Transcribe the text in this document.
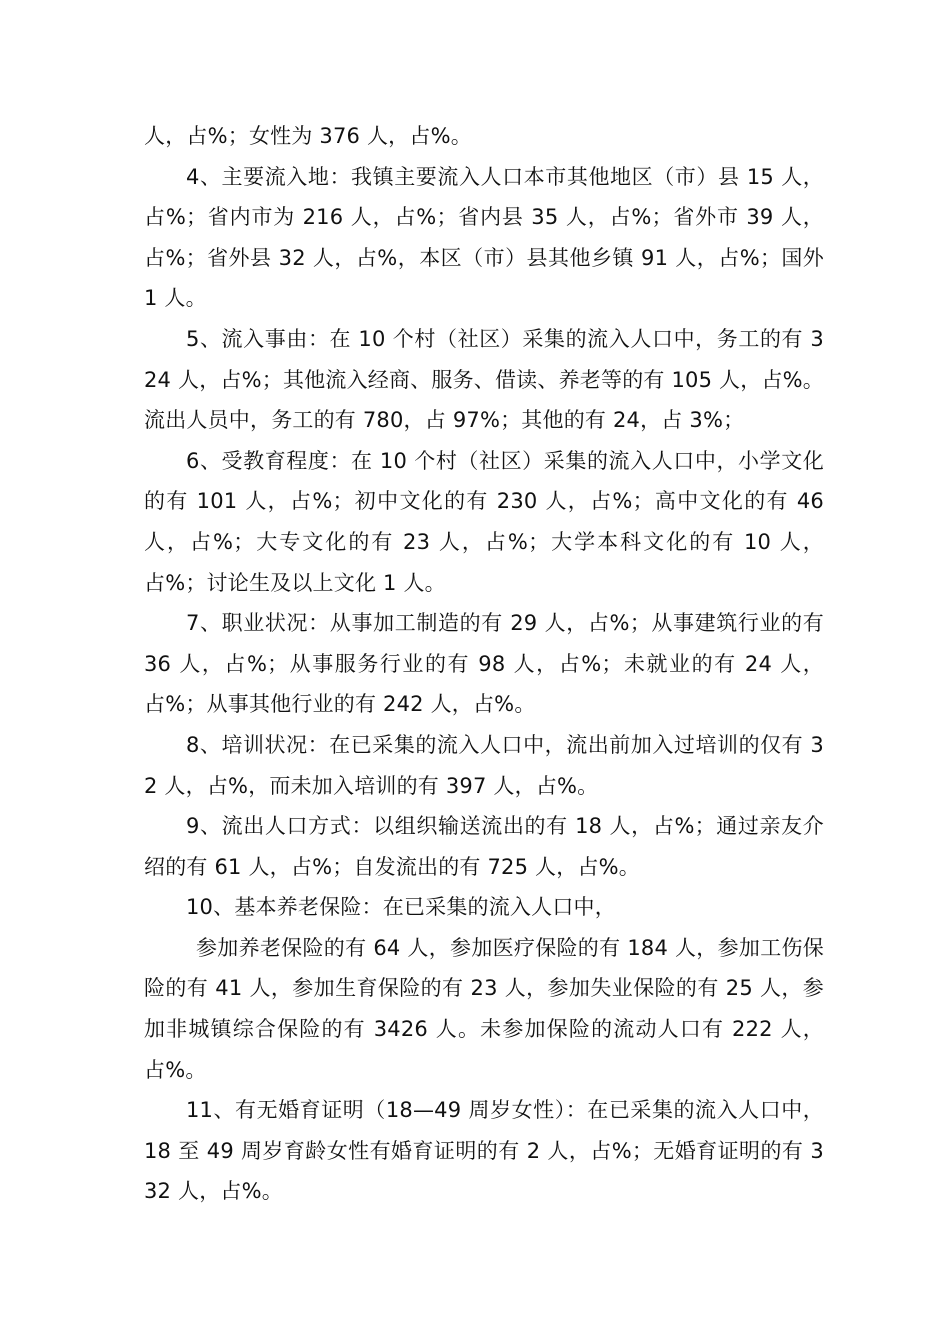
人，占%；女性为 376 人，占%。

4、主要流入地：我镇主要流入人口本市其他地区（市）县 15 人，占%；省内市为 216 人，占%；省内县 35 人，占%；省外市 39 人，占%；省外县 32 人，占%，本区（市）县其他乡镇 91 人，占%；国外 1 人。

5、流入事由：在 10 个村（社区）采集的流入人口中，务工的有 324 人，占%；其他流入经商、服务、借读、养老等的有 105 人，占%。流出人员中，务工的有 780，占 97%；其他的有 24，占 3%；

6、受教育程度：在 10 个村（社区）采集的流入人口中，小学文化的有 101 人，占%；初中文化的有 230 人，占%；高中文化的有 46 人，占%；大专文化的有 23 人，占%；大学本科文化的有 10 人，占%；讨论生及以上文化 1 人。

7、职业状况：从事加工制造的有 29 人，占%；从事建筑行业的有 36 人，占%；从事服务行业的有 98 人，占%；未就业的有 24 人，占%；从事其他行业的有 242 人，占%。

8、培训状况：在已采集的流入人口中，流出前加入过培训的仅有 32 人，占%，而未加入培训的有 397 人，占%。

9、流出人口方式：以组织输送流出的有 18 人，占%；通过亲友介绍的有 61 人，占%；自发流出的有 725 人，占%。

10、基本养老保险：在已采集的流入人口中，

参加养老保险的有 64 人，参加医疗保险的有 184 人，参加工伤保险的有 41 人，参加生育保险的有 23 人，参加失业保险的有 25 人，参加非城镇综合保险的有 3426 人。未参加保险的流动人口有 222 人，占%。

11、有无婚育证明（18—49 周岁女性）：在已采集的流入人口中，18 至 49 周岁育龄女性有婚育证明的有 2 人，占%；无婚育证明的有 332 人，占%。
